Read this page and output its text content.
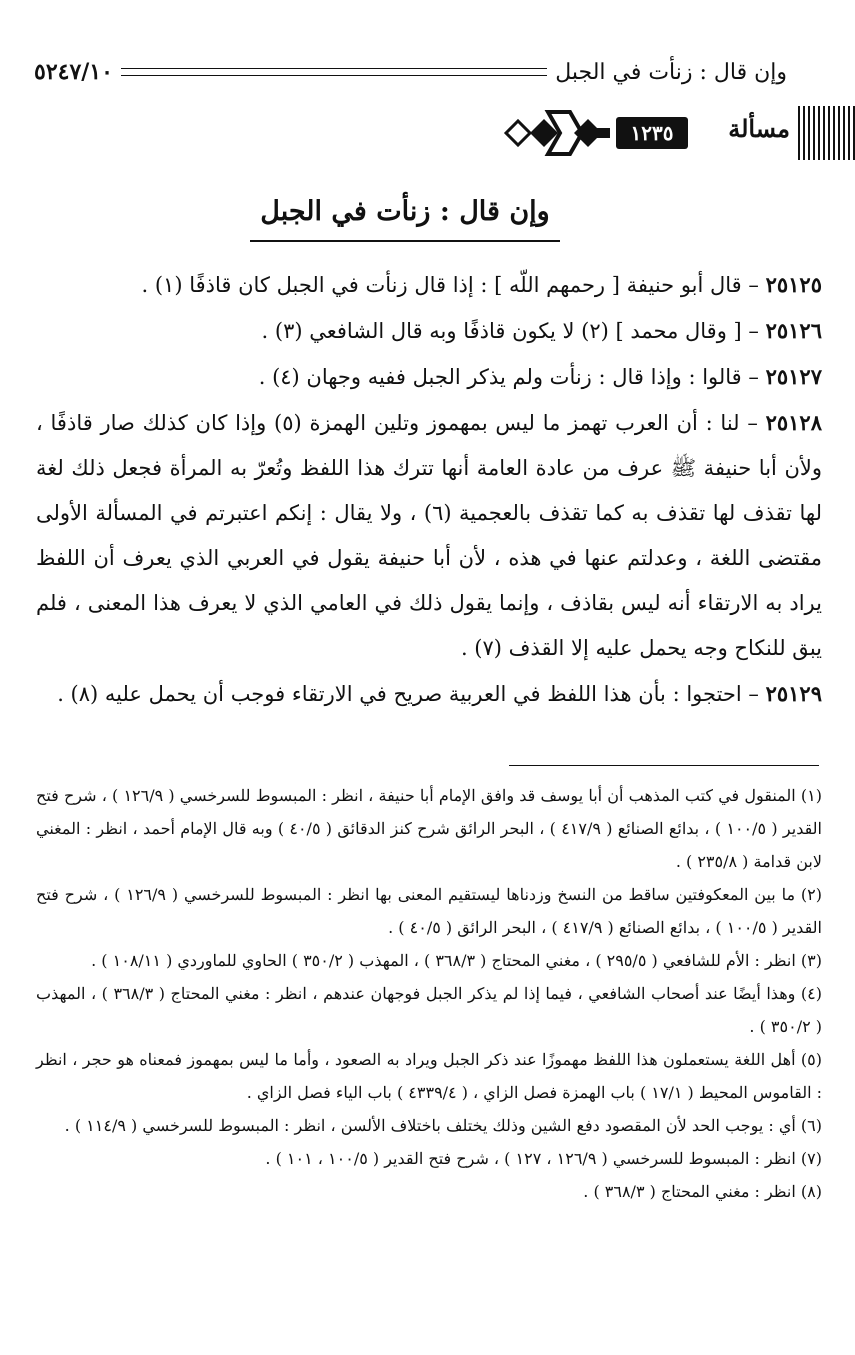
وإن قال : زنأت في الجبل
٥٢٤٧/١٠
مسألة
١٢٣٥
وإن قال : زنأت في الجبل

٢٥١٢٥ – قال أبو حنيفة [ رحمهم اللّه ] : إذا قال زنأت في الجبل كان قاذفًا (١) .

٢٥١٢٦ – [ وقال محمد ] (٢) لا يكون قاذفًا وبه قال الشافعي (٣) .

٢٥١٢٧ – قالوا : وإذا قال : زنأت ولم يذكر الجبل ففيه وجهان (٤) .

٢٥١٢٨ – لنا : أن العرب تهمز ما ليس بمهموز وتلين الهمزة (٥) وإذا كان كذلك صار قاذفًا ، ولأن أبا حنيفة ﷺ عرف من عادة العامة أنها تترك هذا اللفظ وتُعرّ به المرأة فجعل ذلك لغة لها تقذف لها تقذف به كما تقذف بالعجمية (٦) ، ولا يقال : إنكم اعتبرتم في المسألة الأولى مقتضى اللغة ، وعدلتم عنها في هذه ، لأن أبا حنيفة يقول في العربي الذي يعرف أن اللفظ يراد به الارتقاء أنه ليس بقاذف ، وإنما يقول ذلك في العامي الذي لا يعرف هذا المعنى ، فلم يبق للنكاح وجه يحمل عليه إلا القذف (٧) .

٢٥١٢٩ – احتجوا : بأن هذا اللفظ في العربية صريح في الارتقاء فوجب أن يحمل عليه (٨) .

(١) المنقول في كتب المذهب أن أبا يوسف قد وافق الإمام أبا حنيفة ، انظر : المبسوط للسرخسي ( ١٢٦/٩ ) ، شرح فتح القدير ( ١٠٠/٥ ) ، بدائع الصنائع ( ٤١٧/٩ ) ، البحر الرائق شرح كنز الدقائق ( ٤٠/٥ ) وبه قال الإمام أحمد ، انظر : المغني لابن قدامة ( ٢٣٥/٨ ) .

(٢) ما بين المعكوفتين ساقط من النسخ وزدناها ليستقيم المعنى بها انظر : المبسوط للسرخسي ( ١٢٦/٩ ) ، شرح فتح القدير ( ١٠٠/٥ ) ، بدائع الصنائع ( ٤١٧/٩ ) ، البحر الرائق ( ٤٠/٥ ) .

(٣) انظر : الأم للشافعي ( ٢٩٥/٥ ) ، مغني المحتاج ( ٣٦٨/٣ ) ، المهذب ( ٣٥٠/٢ ) الحاوي للماوردي ( ١٠٨/١١ ) .

(٤) وهذا أيضًا عند أصحاب الشافعي ، فيما إذا لم يذكر الجبل فوجهان عندهم ، انظر : مغني المحتاج ( ٣٦٨/٣ ) ، المهذب ( ٣٥٠/٢ ) .

(٥) أهل اللغة يستعملون هذا اللفظ مهموزًا عند ذكر الجبل ويراد به الصعود ، وأما ما ليس بمهموز فمعناه هو حجر ، انظر : القاموس المحيط ( ١٧/١ ) باب الهمزة فصل الزاي ، ( ٤٣٣٩/٤ ) باب الياء فصل الزاي .

(٦) أي : يوجب الحد لأن المقصود دفع الشين وذلك يختلف باختلاف الألسن ، انظر : المبسوط للسرخسي ( ١١٤/٩ ) .

(٧) انظر : المبسوط للسرخسي ( ١٢٦/٩ ، ١٢٧ ) ، شرح فتح القدير ( ١٠٠/٥ ، ١٠١ ) .

(٨) انظر : مغني المحتاج ( ٣٦٨/٣ ) .
